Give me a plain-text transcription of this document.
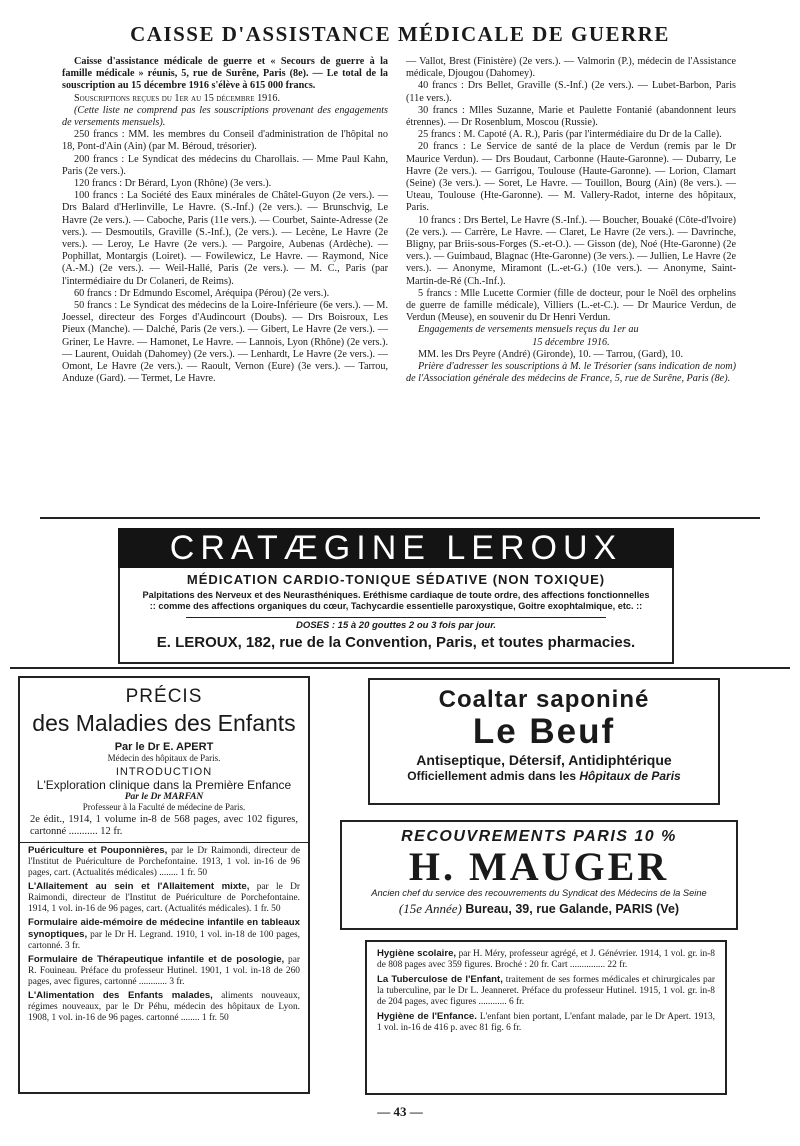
CAISSE D'ASSISTANCE MÉDICALE DE GUERRE

Caisse d'assistance médicale de guerre et « Secours de guerre à la famille médicale » réunis, 5, rue de Surêne, Paris (8e). — Le total de la souscription au 15 décembre 1916 s'élève à 615 000 francs.

Souscriptions reçues du 1er au 15 décembre 1916.

(Cette liste ne comprend pas les souscriptions provenant des engagements de versements mensuels).

250 francs : MM. les membres du Conseil d'administration de l'hôpital no 18, Pont-d'Ain (Ain) (par M. Béroud, trésorier).

200 francs : Le Syndicat des médecins du Charollais. — Mme Paul Kahn, Paris (2e vers.).

120 francs : Dr Bérard, Lyon (Rhône) (3e vers.).

100 francs : La Société des Eaux minérales de Châtel-Guyon (2e vers.). — Drs Balard d'Herlinville, Le Havre. (S.-Inf.) (2e vers.). — Brunschvig, Le Havre (2e vers.). — Caboche, Paris (11e vers.). — Courbet, Sainte-Adresse (2e vers.). — Desmoutils, Graville (S.-Inf.), (2e vers.). — Lecène, Le Havre (2e vers.). — Leroy, Le Havre (2e vers.). — Pargoire, Aubenas (Ardèche). — Pophillat, Montargis (Loiret). — Fowilewicz, Le Havre. — Raymond, Nice (A.-M.) (2e vers.). — Weil-Hallé, Paris (2e vers.). — M. C., Paris (par l'intermédiaire du Dr Colaneri, de Reims).

60 francs : Dr Edmundo Escomel, Aréquipa (Pérou) (2e vers.).

50 francs : Le Syndicat des médecins de la Loire-Inférieure (6e vers.). — M. Joessel, directeur des Forges d'Audincourt (Doubs). — Drs Boisroux, Les Pieux (Manche). — Dalché, Paris (2e vers.). — Gibert, Le Havre (2e vers.). — Griner, Le Havre. — Hamonet, Le Havre. — Lannois, Lyon (Rhône) (2e vers.). — Laurent, Ouidah (Dahomey) (2e vers.). — Lenhardt, Le Havre (2e vers.). — Omont, Le Havre (2e vers.). — Raoult, Vernon (Eure) (3e vers.). — Tarrou, Anduze (Gard). — Termet, Le Havre.

— Vallot, Brest (Finistère) (2e vers.). — Valmorin (P.), médecin de l'Assistance médicale, Djougou (Dahomey).

40 francs : Drs Bellet, Graville (S.-Inf.) (2e vers.). — Lubet-Barbon, Paris (11e vers.).

30 francs : Mlles Suzanne, Marie et Paulette Fontanié (abandonnent leurs étrennes). — Dr Rosenblum, Moscou (Russie).

25 francs : M. Capoté (A. R.), Paris (par l'intermédiaire du Dr de la Calle).

20 francs : Le Service de santé de la place de Verdun (remis par le Dr Maurice Verdun). — Drs Boudaut, Carbonne (Haute-Garonne). — Dubarry, Le Havre (2e vers.). — Garrigou, Toulouse (Haute-Garonne). — Lorion, Clamart (Seine) (3e vers.). — Soret, Le Havre. — Touillon, Bourg (Ain) (8e vers.). — Uteau, Toulouse (Hte-Garonne). — M. Vallery-Radot, interne des hôpitaux, Paris.

10 francs : Drs Bertel, Le Havre (S.-Inf.). — Boucher, Bouaké (Côte-d'Ivoire) (2e vers.). — Carrère, Le Havre. — Claret, Le Havre (2e vers.). — Davrinche, Bligny, par Briis-sous-Forges (S.-et-O.). — Gisson (de), Noé (Hte-Garonne) (2e vers.). — Guimbaud, Blagnac (Hte-Garonne) (3e vers.). — Jullien, Le Havre (2e vers.). — Anonyme, Miramont (L.-et-G.) (10e vers.). — Anonyme, Saint-Martin-de-Ré (Ch.-Inf.).

5 francs : Mlle Lucette Cormier (fille de docteur, pour le Noël des orphelins de guerre de famille médicale), Villiers (L.-et-C.). — Dr Maurice Verdun, de Verdun (Meuse), en souvenir du Dr Henri Verdun.

Engagements de versements mensuels reçus du 1er au

15 décembre 1916.

MM. les Drs Peyre (André) (Gironde), 10. — Tarrou, (Gard), 10.

Prière d'adresser les souscriptions à M. le Trésorier (sans indication de nom) de l'Association générale des médecins de France, 5, rue de Surêne, Paris (8e).

CRATÆGINE LEROUX
MÉDICATION CARDIO-TONIQUE SÉDATIVE (NON TOXIQUE)
Palpitations des Nerveux et des Neurasthéniques. Eréthisme cardiaque de toute ordre, des affections fonctionnelles
:: comme des affections organiques du cœur, Tachycardie essentielle paroxystique, Goitre exophtalmique, etc. ::
DOSES : 15 à 20 gouttes 2 ou 3 fois par jour.
E. LEROUX, 182, rue de la Convention, Paris, et toutes pharmacies.
PRÉCIS
des Maladies des Enfants
Par le Dr E. APERT
Médecin des hôpitaux de Paris.
INTRODUCTION
L'Exploration clinique dans la Première Enfance
Par le Dr MARFAN
Professeur à la Faculté de médecine de Paris.
2e édit., 1914, 1 volume in-8 de 568 pages, avec 102 figures, cartonné ........... 12 fr.
Puériculture et Pouponnières, par le Dr Raimondi, directeur de l'Institut de Puériculture de Porchefontaine. 1913, 1 vol. in-16 de 96 pages, cart. (Actualités médicales) ........ 1 fr. 50
L'Allaitement au sein et l'Allaitement mixte, par le Dr Raimondi, directeur de l'Institut de Puériculture de Porchefontaine. 1914, 1 vol. in-16 de 96 pages, cart. (Actualités médicales). 1 fr. 50
Formulaire aide-mémoire de médecine infantile en tableaux synoptiques, par le Dr H. Legrand. 1910, 1 vol. in-18 de 100 pages, cartonné. 3 fr.
Formulaire de Thérapeutique infantile et de posologie, par R. Fouineau. Préface du professeur Hutinel. 1901, 1 vol. in-18 de 260 pages, avec figures, cartonné ............ 3 fr.
L'Alimentation des Enfants malades, aliments nouveaux, régimes nouveaux, par le Dr Péhu, médecin des hôpitaux de Lyon. 1908, 1 vol. in-16 de 96 pages. cartonné ........ 1 fr. 50
Coaltar saponiné
Le Beuf
Antiseptique, Détersif, Antidiphtérique
Officiellement admis dans les Hôpitaux de Paris
RECOUVREMENTS PARIS 10 %
H. MAUGER
Ancien chef du service des recouvrements du Syndicat des Médecins de la Seine
(15e Année) Bureau, 39, rue Galande, PARIS (Ve)
Hygiène scolaire, par H. Méry, professeur agrégé, et J. Génévrier. 1914, 1 vol. gr. in-8 de 808 pages avec 359 figures. Broché : 20 fr. Cart ............... 22 fr.
La Tuberculose de l'Enfant, traitement de ses formes médicales et chirurgicales par la tuberculine, par le Dr L. Jeanneret. Préface du professeur Hutinel. 1915, 1 vol. gr. in-8 de 204 pages, avec figures ............ 6 fr.
Hygiène de l'Enfance. L'enfant bien portant, L'enfant malade, par le Dr Apert. 1913, 1 vol. in-16 de 416 p. avec 81 fig. 6 fr.
— 43 —
